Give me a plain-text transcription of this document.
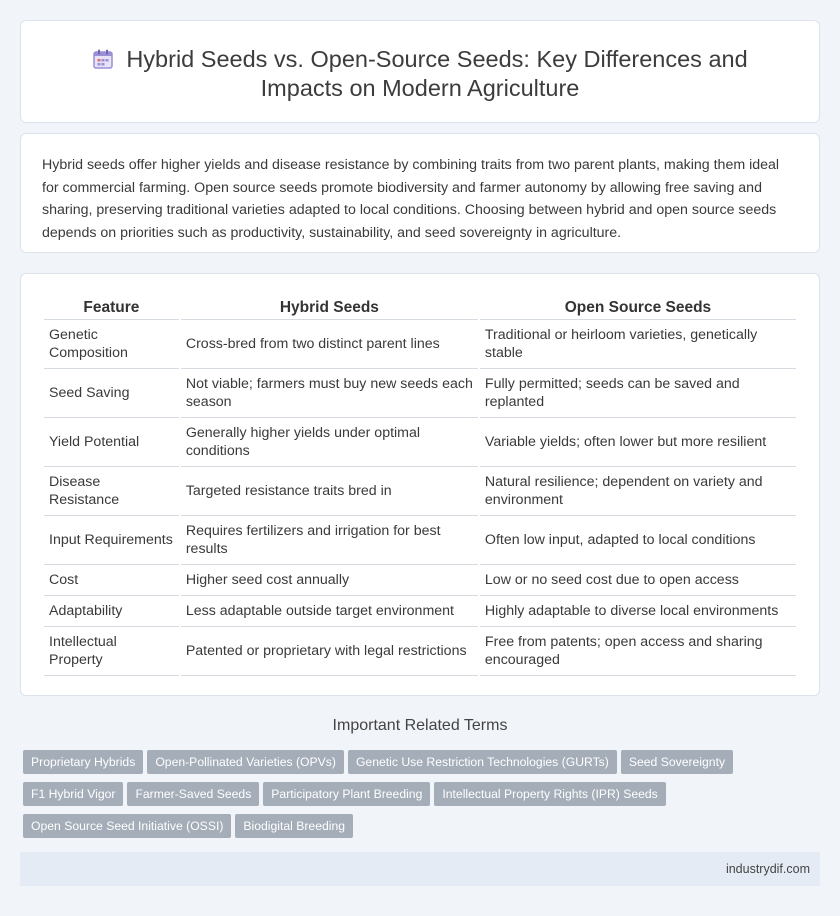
Hybrid Seeds vs. Open-Source Seeds: Key Differences and
Impacts on Modern Agriculture

Hybrid seeds offer higher yields and disease resistance by combining traits from two parent plants, making them ideal for commercial farming. Open source seeds promote biodiversity and farmer autonomy by allowing free saving and sharing, preserving traditional varieties adapted to local conditions. Choosing between hybrid and open source seeds depends on priorities such as productivity, sustainability, and seed sovereignty in agriculture.

Feature	Hybrid Seeds	Open Source Seeds
Genetic Composition	Cross-bred from two distinct parent lines	Traditional or heirloom varieties, genetically stable
Seed Saving	Not viable; farmers must buy new seeds each season	Fully permitted; seeds can be saved and replanted
Yield Potential	Generally higher yields under optimal conditions	Variable yields; often lower but more resilient
Disease Resistance	Targeted resistance traits bred in	Natural resilience; dependent on variety and environment
Input Requirements	Requires fertilizers and irrigation for best results	Often low input, adapted to local conditions
Cost	Higher seed cost annually	Low or no seed cost due to open access
Adaptability	Less adaptable outside target environment	Highly adaptable to diverse local environments
Intellectual Property	Patented or proprietary with legal restrictions	Free from patents; open access and sharing encouraged
Important Related Terms
Proprietary Hybrids Open-Pollinated Varieties (OPVs) Genetic Use Restriction Technologies (GURTs) Seed Sovereignty
F1 Hybrid Vigor Farmer-Saved Seeds Participatory Plant Breeding Intellectual Property Rights (IPR) Seeds
Open Source Seed Initiative (OSSI) Biodigital Breeding
industrydif.com
